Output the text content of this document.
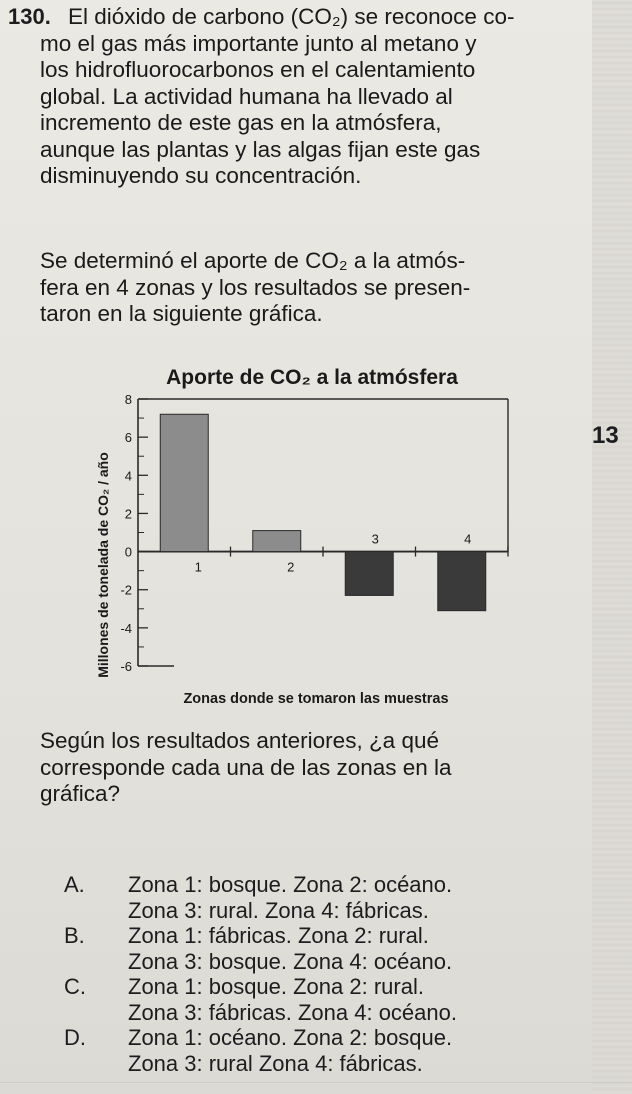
130. El dióxido de carbono (CO₂) se reconoce co-
mo el gas más importante junto al metano y
los hidrofluorocarbonos en el calentamiento
global. La actividad humana ha llevado al
incremento de este gas en la atmósfera,
aunque las plantas y las algas fijan este gas
disminuyendo su concentración.
Se determinó el aporte de CO₂ a la atmós-
fera en 4 zonas y los resultados se presen-
taron en la siguiente gráfica.
13
Aporte de CO₂ a la atmósfera
Millones de tonelada de CO₂ / año
Zonas donde se tomaron las muestras
8
6
4
2
0
-2
-4
-6
1	2
3	4
Según los resultados anteriores, ¿a qué
corresponde cada una de las zonas en la
gráfica?
A. Zona 1: bosque. Zona 2: océano.
Zona 3: rural. Zona 4: fábricas.
B. Zona 1: fábricas. Zona 2: rural.
Zona 3: bosque. Zona 4: océano.
C. Zona 1: bosque. Zona 2: rural.
Zona 3: fábricas. Zona 4: océano.
D. Zona 1: océano. Zona 2: bosque.
Zona 3: rural Zona 4: fábricas.
